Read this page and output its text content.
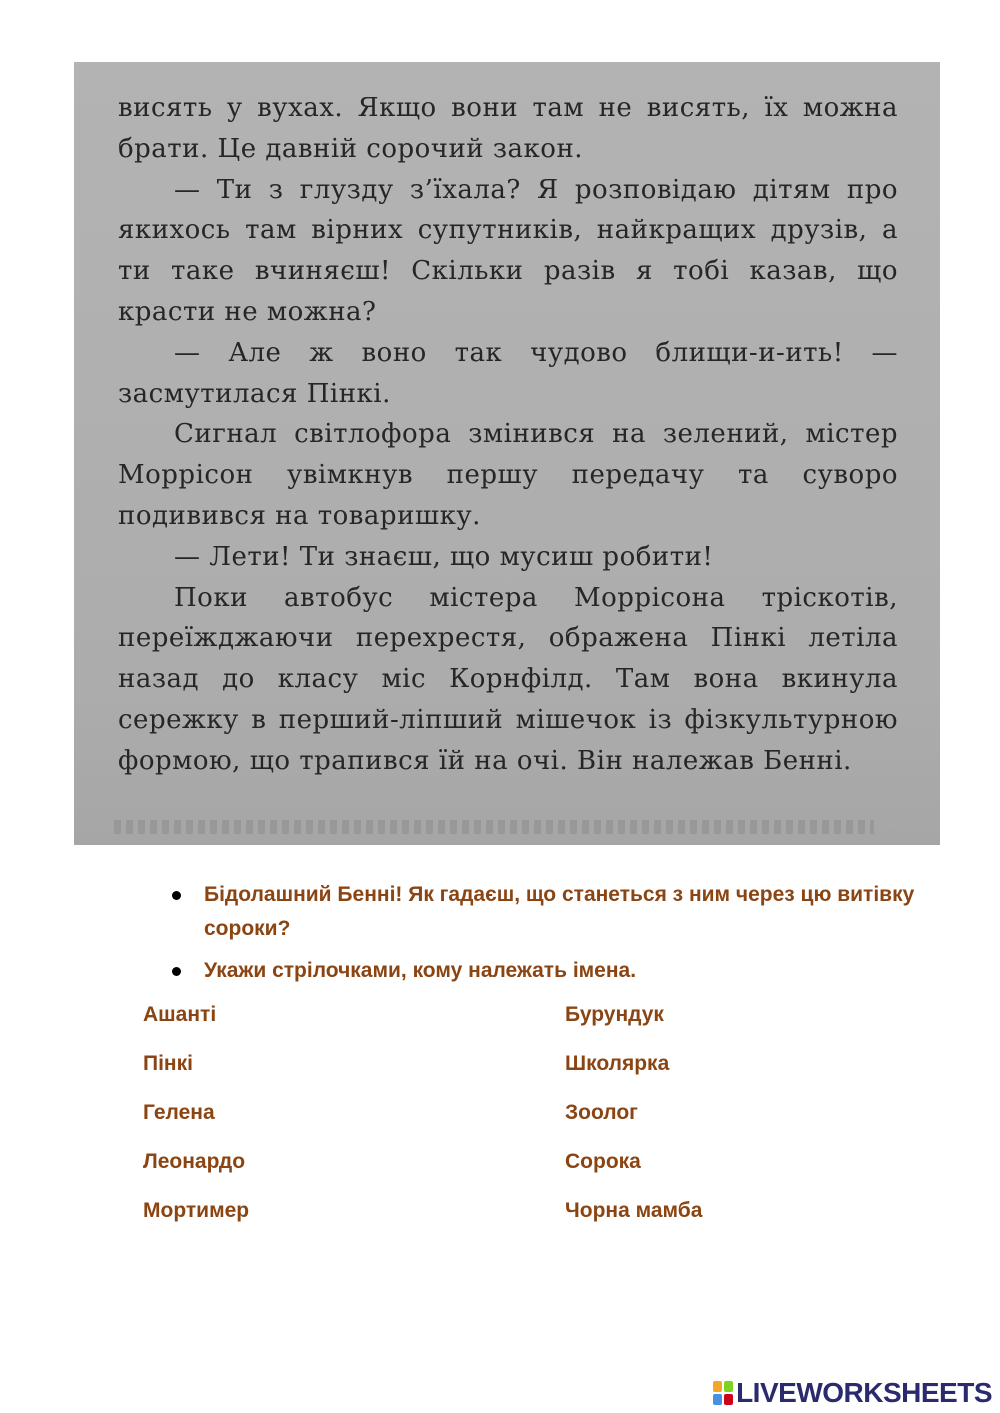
висять у вухах. Якщо вони там не висять, їх можна брати. Це давній сорочий закон.

— Ти з глузду з’їхала? Я розповідаю дітям про якихось там вірних супутників, найкращих друзів, а ти таке вчиняєш! Скільки разів я тобі казав, що красти не можна?

— Але ж воно так чудово блищи-и-ить! — засмутилася Пінкі.

Сигнал світлофора змінився на зелений, містер Моррісон увімкнув першу передачу та суворо подивився на товаришку.

— Лети! Ти знаєш, що мусиш робити!

Поки автобус містера Моррісона тріскотів, переїжджаючи перехрестя, ображена Пінкі летіла назад до класу міс Корнфілд. Там вона вкинула сережку в перший-ліпший мішечок із фізкультурною формою, що трапився їй на очі. Він належав Бенні.

Бідолашний Бенні! Як гадаєш, що станеться з ним через цю витівку сороки?
Укажи стрілочками, кому належать імена.
Ашанті
Пінкі
Гелена
Леонардо
Мортимер
Бурундук
Школярка
Зоолог
Сорока
Чорна мамба
LIVEWORKSHEETS
